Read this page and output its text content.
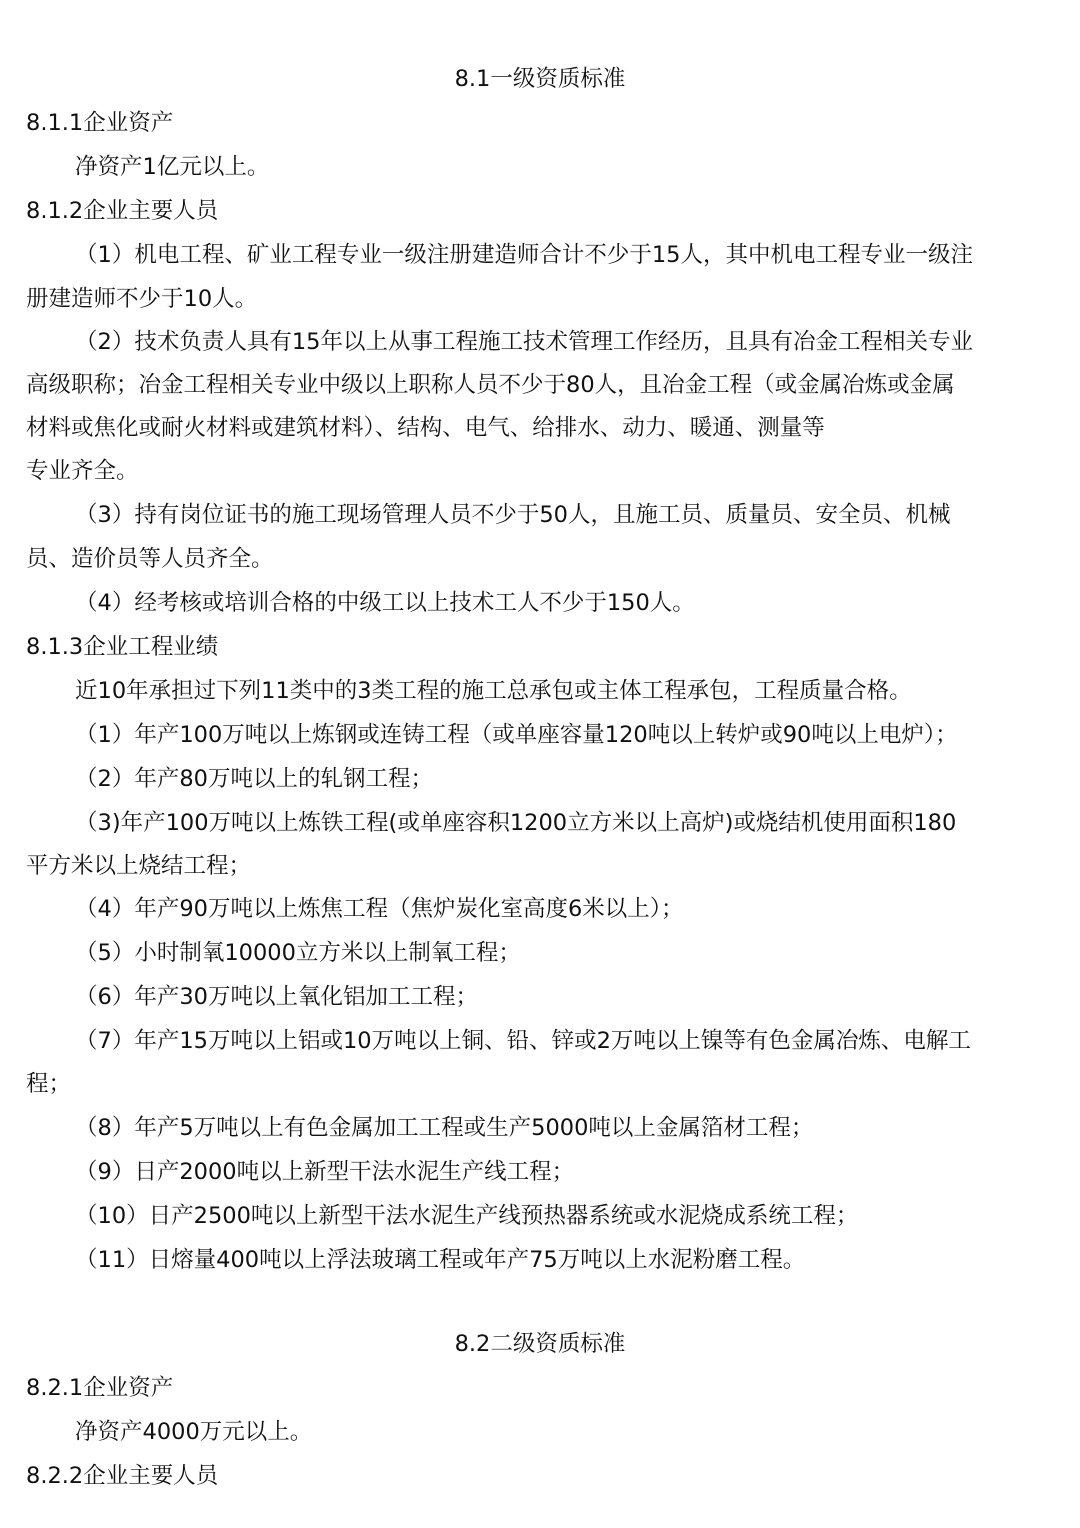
8.1一级资质标准
8.1.1企业资产
净资产1亿元以上。
8.1.2企业主要人员
（1）机电工程、矿业工程专业一级注册建造师合计不少于15人，其中机电工程专业一级注
册建造师不少于10人。
（2）技术负责人具有15年以上从事工程施工技术管理工作经历，且具有冶金工程相关专业
高级职称；冶金工程相关专业中级以上职称人员不少于80人，且冶金工程（或金属冶炼或金属
材料或焦化或耐火材料或建筑材料）、结构、电气、给排水、动力、暖通、测量等
专业齐全。
（3）持有岗位证书的施工现场管理人员不少于50人，且施工员、质量员、安全员、机械
员、造价员等人员齐全。
（4）经考核或培训合格的中级工以上技术工人不少于150人。
8.1.3企业工程业绩
近10年承担过下列11类中的3类工程的施工总承包或主体工程承包，工程质量合格。
（1）年产100万吨以上炼钢或连铸工程（或单座容量120吨以上转炉或90吨以上电炉）；
（2）年产80万吨以上的轧钢工程；
（3)年产100万吨以上炼铁工程(或单座容积1200立方米以上高炉)或烧结机使用面积180
平方米以上烧结工程；
（4）年产90万吨以上炼焦工程（焦炉炭化室高度6米以上）；
（5）小时制氧10000立方米以上制氧工程；
（6）年产30万吨以上氧化铝加工工程；
（7）年产15万吨以上铝或10万吨以上铜、铅、锌或2万吨以上镍等有色金属冶炼、电解工
程；
（8）年产5万吨以上有色金属加工工程或生产5000吨以上金属箔材工程；
（9）日产2000吨以上新型干法水泥生产线工程；
（10）日产2500吨以上新型干法水泥生产线预热器系统或水泥烧成系统工程；
（11）日熔量400吨以上浮法玻璃工程或年产75万吨以上水泥粉磨工程。
8.2二级资质标准
8.2.1企业资产
净资产4000万元以上。
8.2.2企业主要人员
